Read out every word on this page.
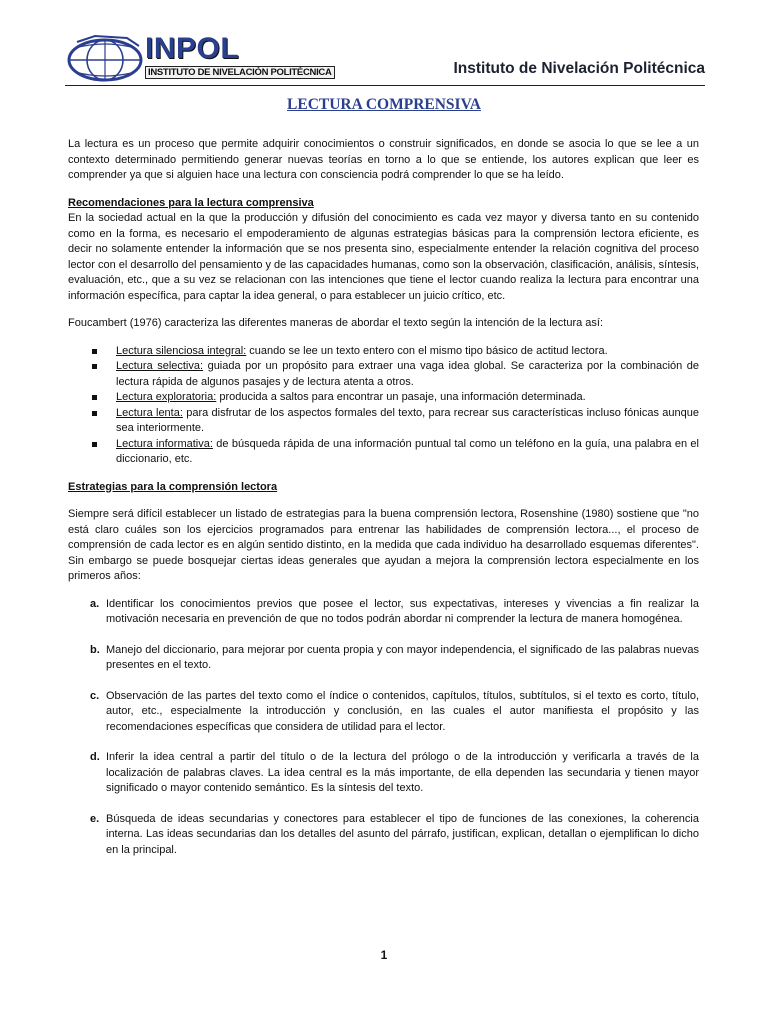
INPOL
INSTITUTO DE NIVELACIÓN POLITÉCNICA	Instituto de Nivelación Politécnica
LECTURA COMPRENSIVA

La lectura es un proceso que permite adquirir conocimientos o construir significados, en donde se asocia lo que se lee a un contexto determinado permitiendo generar nuevas teorías en torno a lo que se entiende, los autores explican que leer es comprender ya que si alguien hace una lectura con consciencia podrá comprender lo que se ha leído.

Recomendaciones para la lectura comprensiva

En la sociedad actual en la que la producción y difusión del conocimiento es cada vez mayor y diversa tanto en su contenido como en la forma, es necesario el empoderamiento de algunas estrategias básicas para la comprensión lectora eficiente, es decir no solamente entender la información que se nos presenta sino, especialmente entender la relación cognitiva del proceso lector con el desarrollo del pensamiento y de las capacidades humanas, como son la observación, clasificación, análisis, síntesis, evaluación, etc., que a su vez se relacionan con las intenciones que tiene el lector cuando realiza la lectura para encontrar una información específica, para captar la idea general, o para establecer un juicio crítico, etc.

Foucambert (1976) caracteriza las diferentes maneras de abordar el texto según la intención de la lectura así:

Lectura silenciosa integral: cuando se lee un texto entero con el mismo tipo básico de actitud lectora.
Lectura selectiva: guiada por un propósito para extraer una vaga idea global. Se caracteriza por la combinación de lectura rápida de algunos pasajes y de lectura atenta a otros.
Lectura exploratoria: producida a saltos para encontrar un pasaje, una información determinada.
Lectura lenta: para disfrutar de los aspectos formales del texto, para recrear sus características incluso fónicas aunque sea interiormente.
Lectura informativa: de búsqueda rápida de una información puntual tal como un teléfono en la guía, una palabra en el diccionario, etc.

Estrategias para la comprensión lectora

Siempre será difícil establecer un listado de estrategias para la buena comprensión lectora, Rosenshine (1980) sostiene que "no está claro cuáles son los ejercicios programados para entrenar las habilidades de comprensión lectora..., el proceso de comprensión de cada lector es en algún sentido distinto, en la medida que cada individuo ha desarrollado esquemas diferentes". Sin embargo se puede bosquejar ciertas ideas generales que ayudan a mejora la comprensión lectora especialmente en los primeros años:

a. Identificar los conocimientos previos que posee el lector, sus expectativas, intereses y vivencias a fin realizar la motivación necesaria en prevención de que no todos podrán abordar ni comprender la lectura de manera homogénea.
b. Manejo del diccionario, para mejorar por cuenta propia y con mayor independencia, el significado de las palabras nuevas presentes en el texto.
c. Observación de las partes del texto como el índice o contenidos, capítulos, títulos, subtítulos, si el texto es corto, título, autor, etc., especialmente la introducción y conclusión, en las cuales el autor manifiesta el propósito y las recomendaciones específicas que considera de utilidad para el lector.
d. Inferir la idea central a partir del título o de la lectura del prólogo o de la introducción y verificarla a través de la localización de palabras claves. La idea central es la más importante, de ella dependen las secundaria y tienen mayor significado o mayor contenido semántico. Es la síntesis del texto.
e. Búsqueda de ideas secundarias y conectores para establecer el tipo de funciones de las conexiones, la coherencia interna. Las ideas secundarias dan los detalles del asunto del párrafo, justifican, explican, detallan o ejemplifican lo dicho en la principal.
1
